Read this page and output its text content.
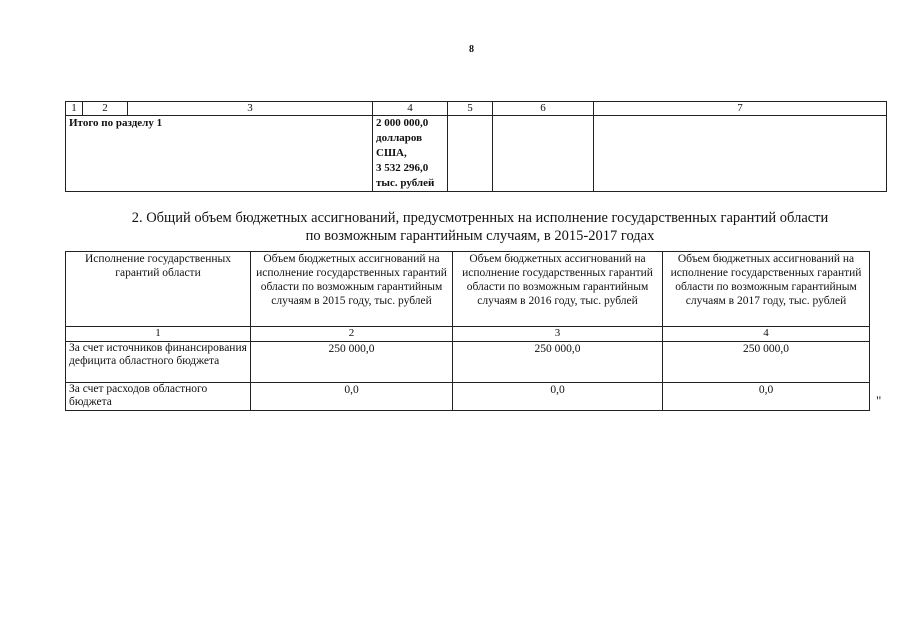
8
1	2	3	4	5	6	7
Итого по разделу 1			2 000 000,0
долларов
США,
3 532 296,0
тыс. рублей			

2. Общий объем бюджетных ассигнований, предусмотренных на исполнение государственных гарантий области
по возможным гарантийным случаям, в 2015-2017 годах
Исполнение государственных гарантий области	Объем бюджетных ассигнований на исполнение государственных гарантий области по возможным гарантийным случаям в 2015 году, тыс. рублей	Объем бюджетных ассигнований на исполнение государственных гарантий области по возможным гарантийным случаям в 2016 году, тыс. рублей	Объем бюджетных ассигнований на исполнение государственных гарантий области по возможным гарантийным случаям в 2017 году, тыс. рублей
1	2	3	4
За счет источников финансирования дефицита областного бюджета	250 000,0	250 000,0	250 000,0
За счет расходов областного бюджета	0,0	0,0	0,0
"
